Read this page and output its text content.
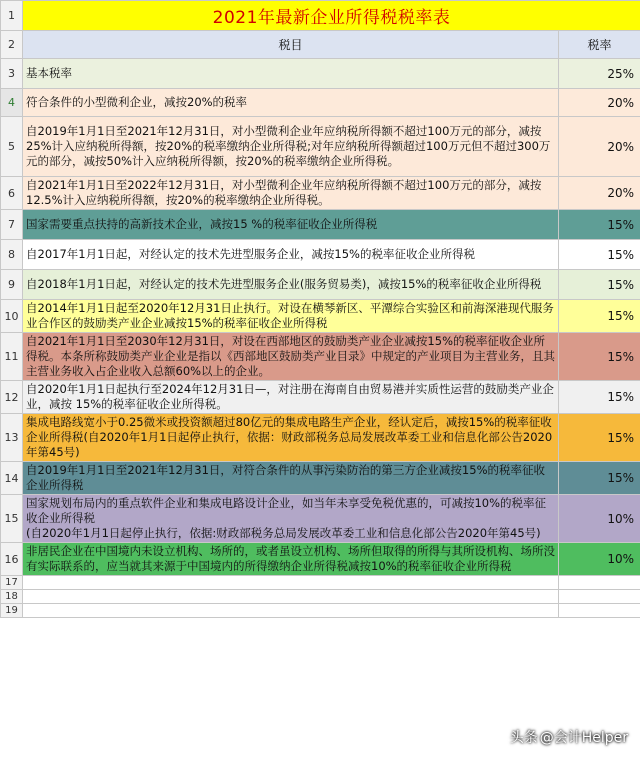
1	2021年最新企业所得税税率表	
2	税目	税率
3	基本税率	25%
4	符合条件的小型微利企业，减按20%的税率	20%
5	自2019年1月1日至2021年12月31日，对小型微利企业年应纳税所得额不超过100万元的部分，减按25%计入应纳税所得额，按20%的税率缴纳企业所得税;对年应纳税所得额超过100万元但不超过300万元的部分，减按50%计入应纳税所得额，按20%的税率缴纳企业所得税。	20%
6	自2021年1月1日至2022年12月31日，对小型微利企业年应纳税所得额不超过100万元的部分，减按12.5%计入应纳税所得额，按20%的税率缴纳企业所得税。	20%
7	国家需要重点扶持的高新技术企业，减按15 %的税率征收企业所得税	15%
8	自2017年1月1日起，对经认定的技术先进型服务企业，减按15%的税率征收企业所得税	15%
9	自2018年1月1日起，对经认定的技术先进型服务企业(服务贸易类)，减按15%的税率征收企业所得税	15%
10	自2014年1月1日起至2020年12月31日止执行。对设在横琴新区、平潭综合实验区和前海深港现代服务业合作区的鼓励类产业企业减按15%的税率征收企业所得税	15%
11	自2021年1月1日至2030年12月31日，对设在西部地区的鼓励类产业企业减按15%的税率征收企业所得税。本条所称鼓励类产业企业是指以《西部地区鼓励类产业目录》中规定的产业项目为主营业务，且其主营业务收入占企业收入总额60%以上的企业。	15%
12	自2020年1月1日起执行至2024年12月31日—，对注册在海南自由贸易港并实质性运营的鼓励类产业企业，减按 15%的税率征收企业所得税。	15%
13	集成电路线宽小于0.25微米或投资额超过80亿元的集成电路生产企业，经认定后，减按15%的税率征收企业所得税(自2020年1月1日起停止执行，依据：财政部税务总局发展改革委工业和信息化部公告2020年第45号)	15%
14	自2019年1月1日至2021年12月31日，对符合条件的从事污染防治的第三方企业减按15%的税率征收企业所得税	15%
15	国家规划布局内的重点软件企业和集成电路设计企业，如当年未享受免税优惠的，可减按10%的税率征收企业所得税
(自2020年1月1日起停止执行，依据:财政部税务总局发展改革委工业和信息化部公告2020年第45号)	10%
16	非居民企业在中国境内未设立机构、场所的，或者虽设立机构、场所但取得的所得与其所设机构、场所没有实际联系的，应当就其来源于中国境内的所得缴纳企业所得税减按10%的税率征收企业所得税	10%
17		
18		
19		
头条 @会计Helper
